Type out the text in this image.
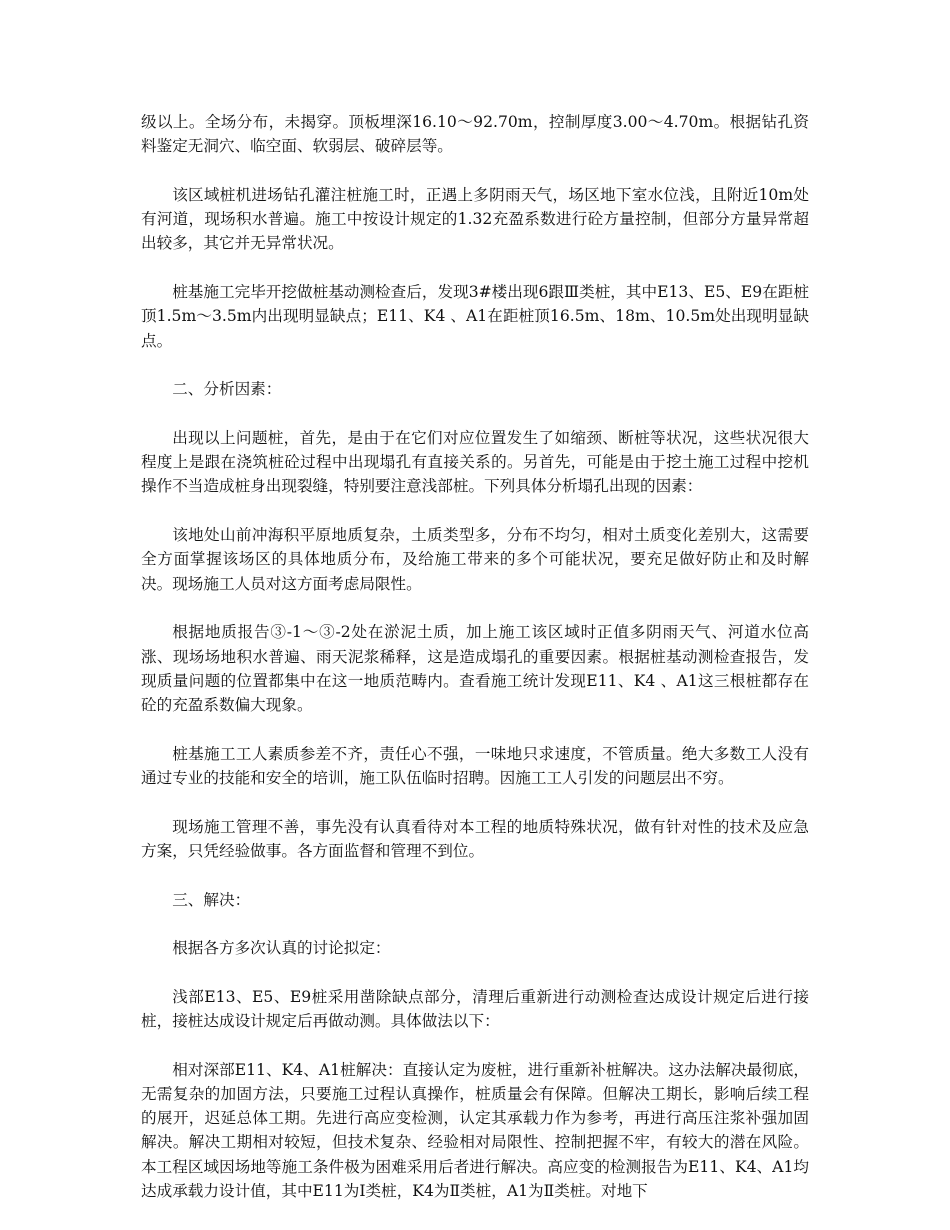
级以上。全场分布，未揭穿。顶板埋深16.10～92.70m，控制厚度3.00～4.70m。根据钻孔资料鉴定无洞穴、临空面、软弱层、破碎层等。

该区域桩机进场钻孔灌注桩施工时，正遇上多阴雨天气，场区地下室水位浅，且附近10m处有河道，现场积水普遍。施工中按设计规定的1.32充盈系数进行砼方量控制，但部分方量异常超出较多，其它并无异常状况。

桩基施工完毕开挖做桩基动测检查后，发现3#楼出现6跟Ⅲ类桩，其中E13、E5、E9在距桩顶1.5m～3.5m内出现明显缺点；E11、K4 、A1在距桩顶16.5m、18m、10.5m处出现明显缺点。

二、分析因素：

出现以上问题桩，首先，是由于在它们对应位置发生了如缩颈、断桩等状况，这些状况很大程度上是跟在浇筑桩砼过程中出现塌孔有直接关系的。另首先，可能是由于挖土施工过程中挖机操作不当造成桩身出现裂缝，特别要注意浅部桩。下列具体分析塌孔出现的因素：

该地处山前冲海积平原地质复杂，土质类型多，分布不均匀，相对土质变化差别大，这需要全方面掌握该场区的具体地质分布，及给施工带来的多个可能状况，要充足做好防止和及时解决。现场施工人员对这方面考虑局限性。

根据地质报告③-1～③-2处在淤泥土质，加上施工该区域时正值多阴雨天气、河道水位高涨、现场场地积水普遍、雨天泥浆稀释，这是造成塌孔的重要因素。根据桩基动测检查报告，发现质量问题的位置都集中在这一地质范畴内。查看施工统计发现E11、K4 、A1这三根桩都存在砼的充盈系数偏大现象。

桩基施工工人素质参差不齐，责任心不强，一味地只求速度，不管质量。绝大多数工人没有通过专业的技能和安全的培训，施工队伍临时招聘。因施工工人引发的问题层出不穷。

现场施工管理不善，事先没有认真看待对本工程的地质特殊状况，做有针对性的技术及应急方案，只凭经验做事。各方面监督和管理不到位。

三、解决：

根据各方多次认真的讨论拟定：

浅部E13、E5、E9桩采用凿除缺点部分，清理后重新进行动测检查达成设计规定后进行接桩，接桩达成设计规定后再做动测。具体做法以下：

相对深部E11、K4、A1桩解决：直接认定为废桩，进行重新补桩解决。这办法解决最彻底，无需复杂的加固方法，只要施工过程认真操作，桩质量会有保障。但解决工期长，影响后续工程的展开，迟延总体工期。先进行高应变检测，认定其承载力作为参考，再进行高压注浆补强加固解决。解决工期相对较短，但技术复杂、经验相对局限性、控制把握不牢，有较大的潜在风险。本工程区域因场地等施工条件极为困难采用后者进行解决。高应变的检测报告为E11、K4、A1均达成承载力设计值，其中E11为Ⅰ类桩，K4为Ⅱ类桩，A1为Ⅱ类桩。对地下
